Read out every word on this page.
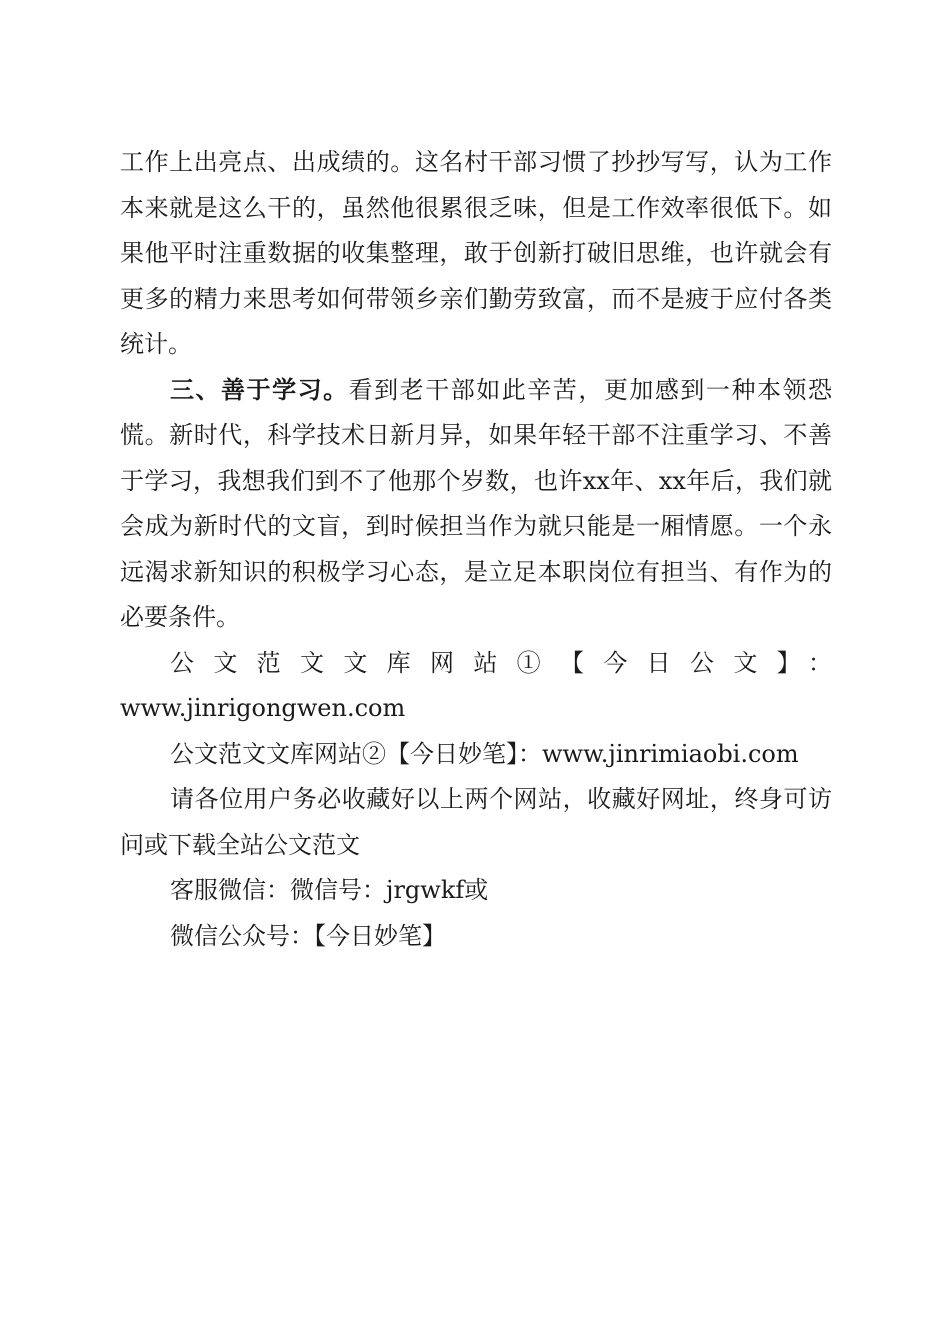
工作上出亮点、出成绩的。这名村干部习惯了抄抄写写，认为工作本来就是这么干的，虽然他很累很乏味，但是工作效率很低下。如果他平时注重数据的收集整理，敢于创新打破旧思维，也许就会有更多的精力来思考如何带领乡亲们勤劳致富，而不是疲于应付各类统计。

三、善于学习。看到老干部如此辛苦，更加感到一种本领恐慌。新时代，科学技术日新月异，如果年轻干部不注重学习、不善于学习，我想我们到不了他那个岁数，也许xx年、xx年后，我们就会成为新时代的文盲，到时候担当作为就只能是一厢情愿。一个永远渴求新知识的积极学习心态，是立足本职岗位有担当、有作为的必要条件。

公文范文文库网站①【今日公文】：

www.jinrigongwen.com

公文范文文库网站②【今日妙笔】：www.jinrimiaobi.com

请各位用户务必收藏好以上两个网站，收藏好网址，终身可访问或下载全站公文范文

客服微信：微信号：jrgwkf或

微信公众号：【今日妙笔】
